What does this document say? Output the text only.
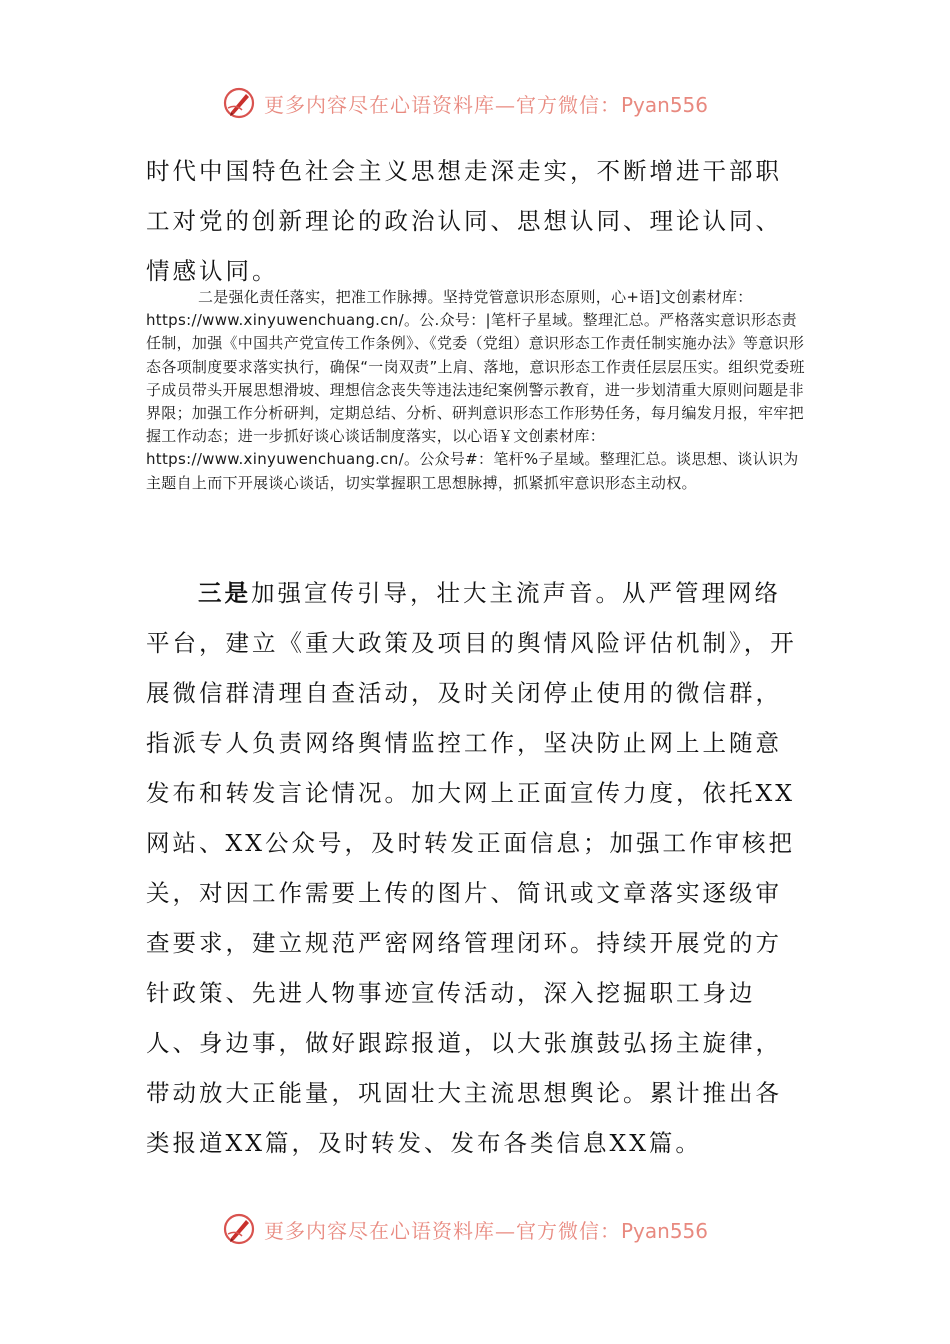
更多内容尽在心语资料库—官方微信：Pyan556

时代中国特色社会主义思想走深走实，不断增进干部职工对党的创新理论的政治认同、思想认同、理论认同、情感认同。

二是强化责任落实，把准工作脉搏。坚持党管意识形态原则，心+语]文创素材库：https://www.xinyuwenchuang.cn/。公.众号：|笔杆子星域。整理汇总。严格落实意识形态责任制，加强《中国共产党宣传工作条例》、《党委（党组）意识形态工作责任制实施办法》等意识形态各项制度要求落实执行，确保“一岗双责”上肩、落地，意识形态工作责任层层压实。组织党委班子成员带头开展思想滑坡、理想信念丧失等违法违纪案例警示教育，进一步划清重大原则问题是非界限；加强工作分析研判，定期总结、分析、研判意识形态工作形势任务，每月编发月报，牢牢把握工作动态；进一步抓好谈心谈话制度落实，以心语￥文创素材库：https://www.xinyuwenchuang.cn/。公众号#：笔杆%子星域。整理汇总。谈思想、谈认识为主题自上而下开展谈心谈话，切实掌握职工思想脉搏，抓紧抓牢意识形态主动权。

三是加强宣传引导，壮大主流声音。从严管理网络平台，建立《重大政策及项目的舆情风险评估机制》，开展微信群清理自查活动，及时关闭停止使用的微信群，指派专人负责网络舆情监控工作，坚决防止网上上随意发布和转发言论情况。加大网上正面宣传力度，依托XX网站、XX公众号，及时转发正面信息；加强工作审核把关，对因工作需要上传的图片、简讯或文章落实逐级审查要求，建立规范严密网络管理闭环。持续开展党的方针政策、先进人物事迹宣传活动，深入挖掘职工身边人、身边事，做好跟踪报道，以大张旗鼓弘扬主旋律，带动放大正能量，巩固壮大主流思想舆论。累计推出各类报道XX篇，及时转发、发布各类信息XX篇。

更多内容尽在心语资料库—官方微信：Pyan556
